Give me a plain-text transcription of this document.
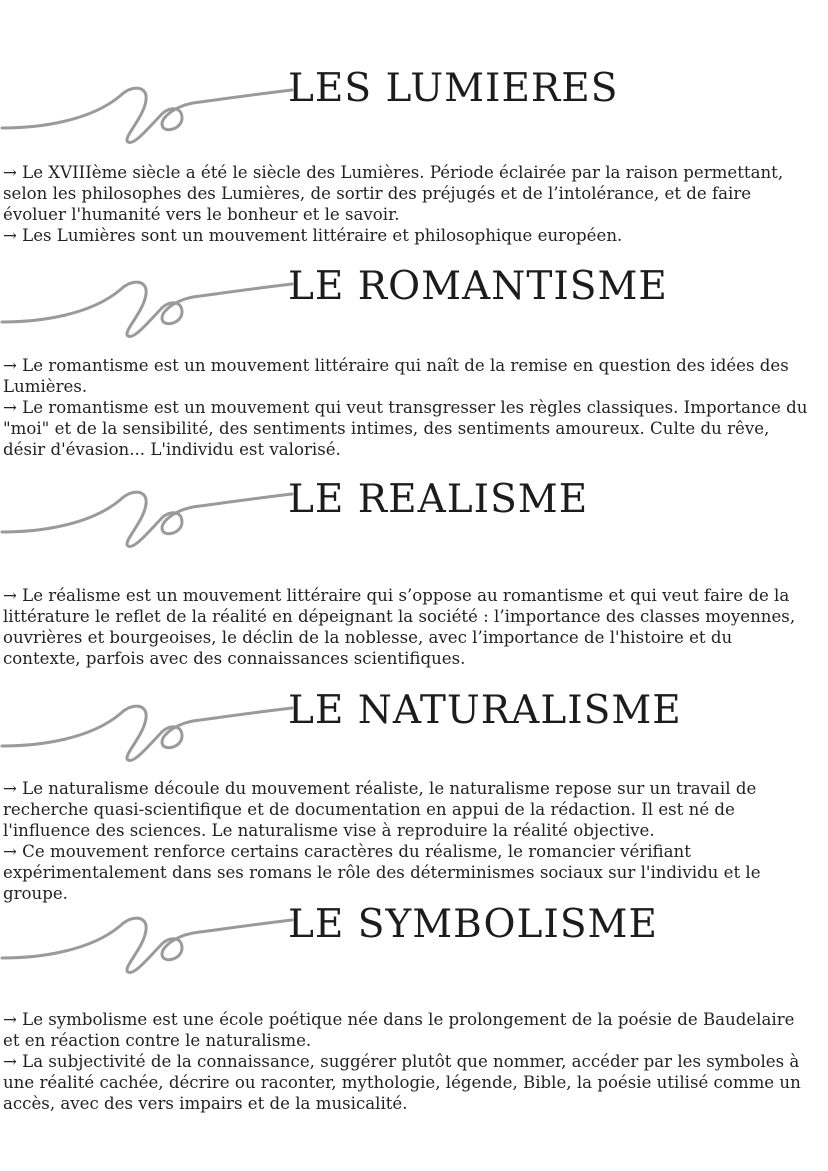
LES LUMIERES

→ Le XVIIIème siècle a été le siècle des Lumières. Période éclairée par la raison permettant, selon les philosophes des Lumières, de sortir des préjugés et de l’intolérance, et de faire évoluer l'humanité vers le bonheur et le savoir.

→ Les Lumières sont un mouvement littéraire et philosophique européen.

LE ROMANTISME

→ Le romantisme est un mouvement littéraire qui naît de la remise en question des idées des Lumières.

→ Le romantisme est un mouvement qui veut transgresser les règles classiques. Importance du "moi" et de la sensibilité, des sentiments intimes, des sentiments amoureux. Culte du rêve, désir d'évasion... L'individu est valorisé.

LE REALISME

→ Le réalisme est un mouvement littéraire qui s’oppose au romantisme et qui veut faire de la littérature le reflet de la réalité en dépeignant la société : l’importance des classes moyennes, ouvrières et bourgeoises, le déclin de la noblesse, avec l’importance de l'histoire et du contexte, parfois avec des connaissances scientifiques.

LE NATURALISME

→ Le naturalisme découle du mouvement réaliste, le naturalisme repose sur un travail de recherche quasi-scientifique et de documentation en appui de la rédaction. Il est né de l'influence des sciences. Le naturalisme vise à reproduire la réalité objective.

→ Ce mouvement renforce certains caractères du réalisme, le romancier vérifiant expérimentalement dans ses romans le rôle des déterminismes sociaux sur l'individu et le groupe.

LE SYMBOLISME

→ Le symbolisme est une école poétique née dans le prolongement de la poésie de Baudelaire et en réaction contre le naturalisme.

→ La subjectivité de la connaissance, suggérer plutôt que nommer, accéder par les symboles à une réalité cachée, décrire ou raconter, mythologie, légende, Bible, la poésie utilisé comme un accès, avec des vers impairs et de la musicalité.
